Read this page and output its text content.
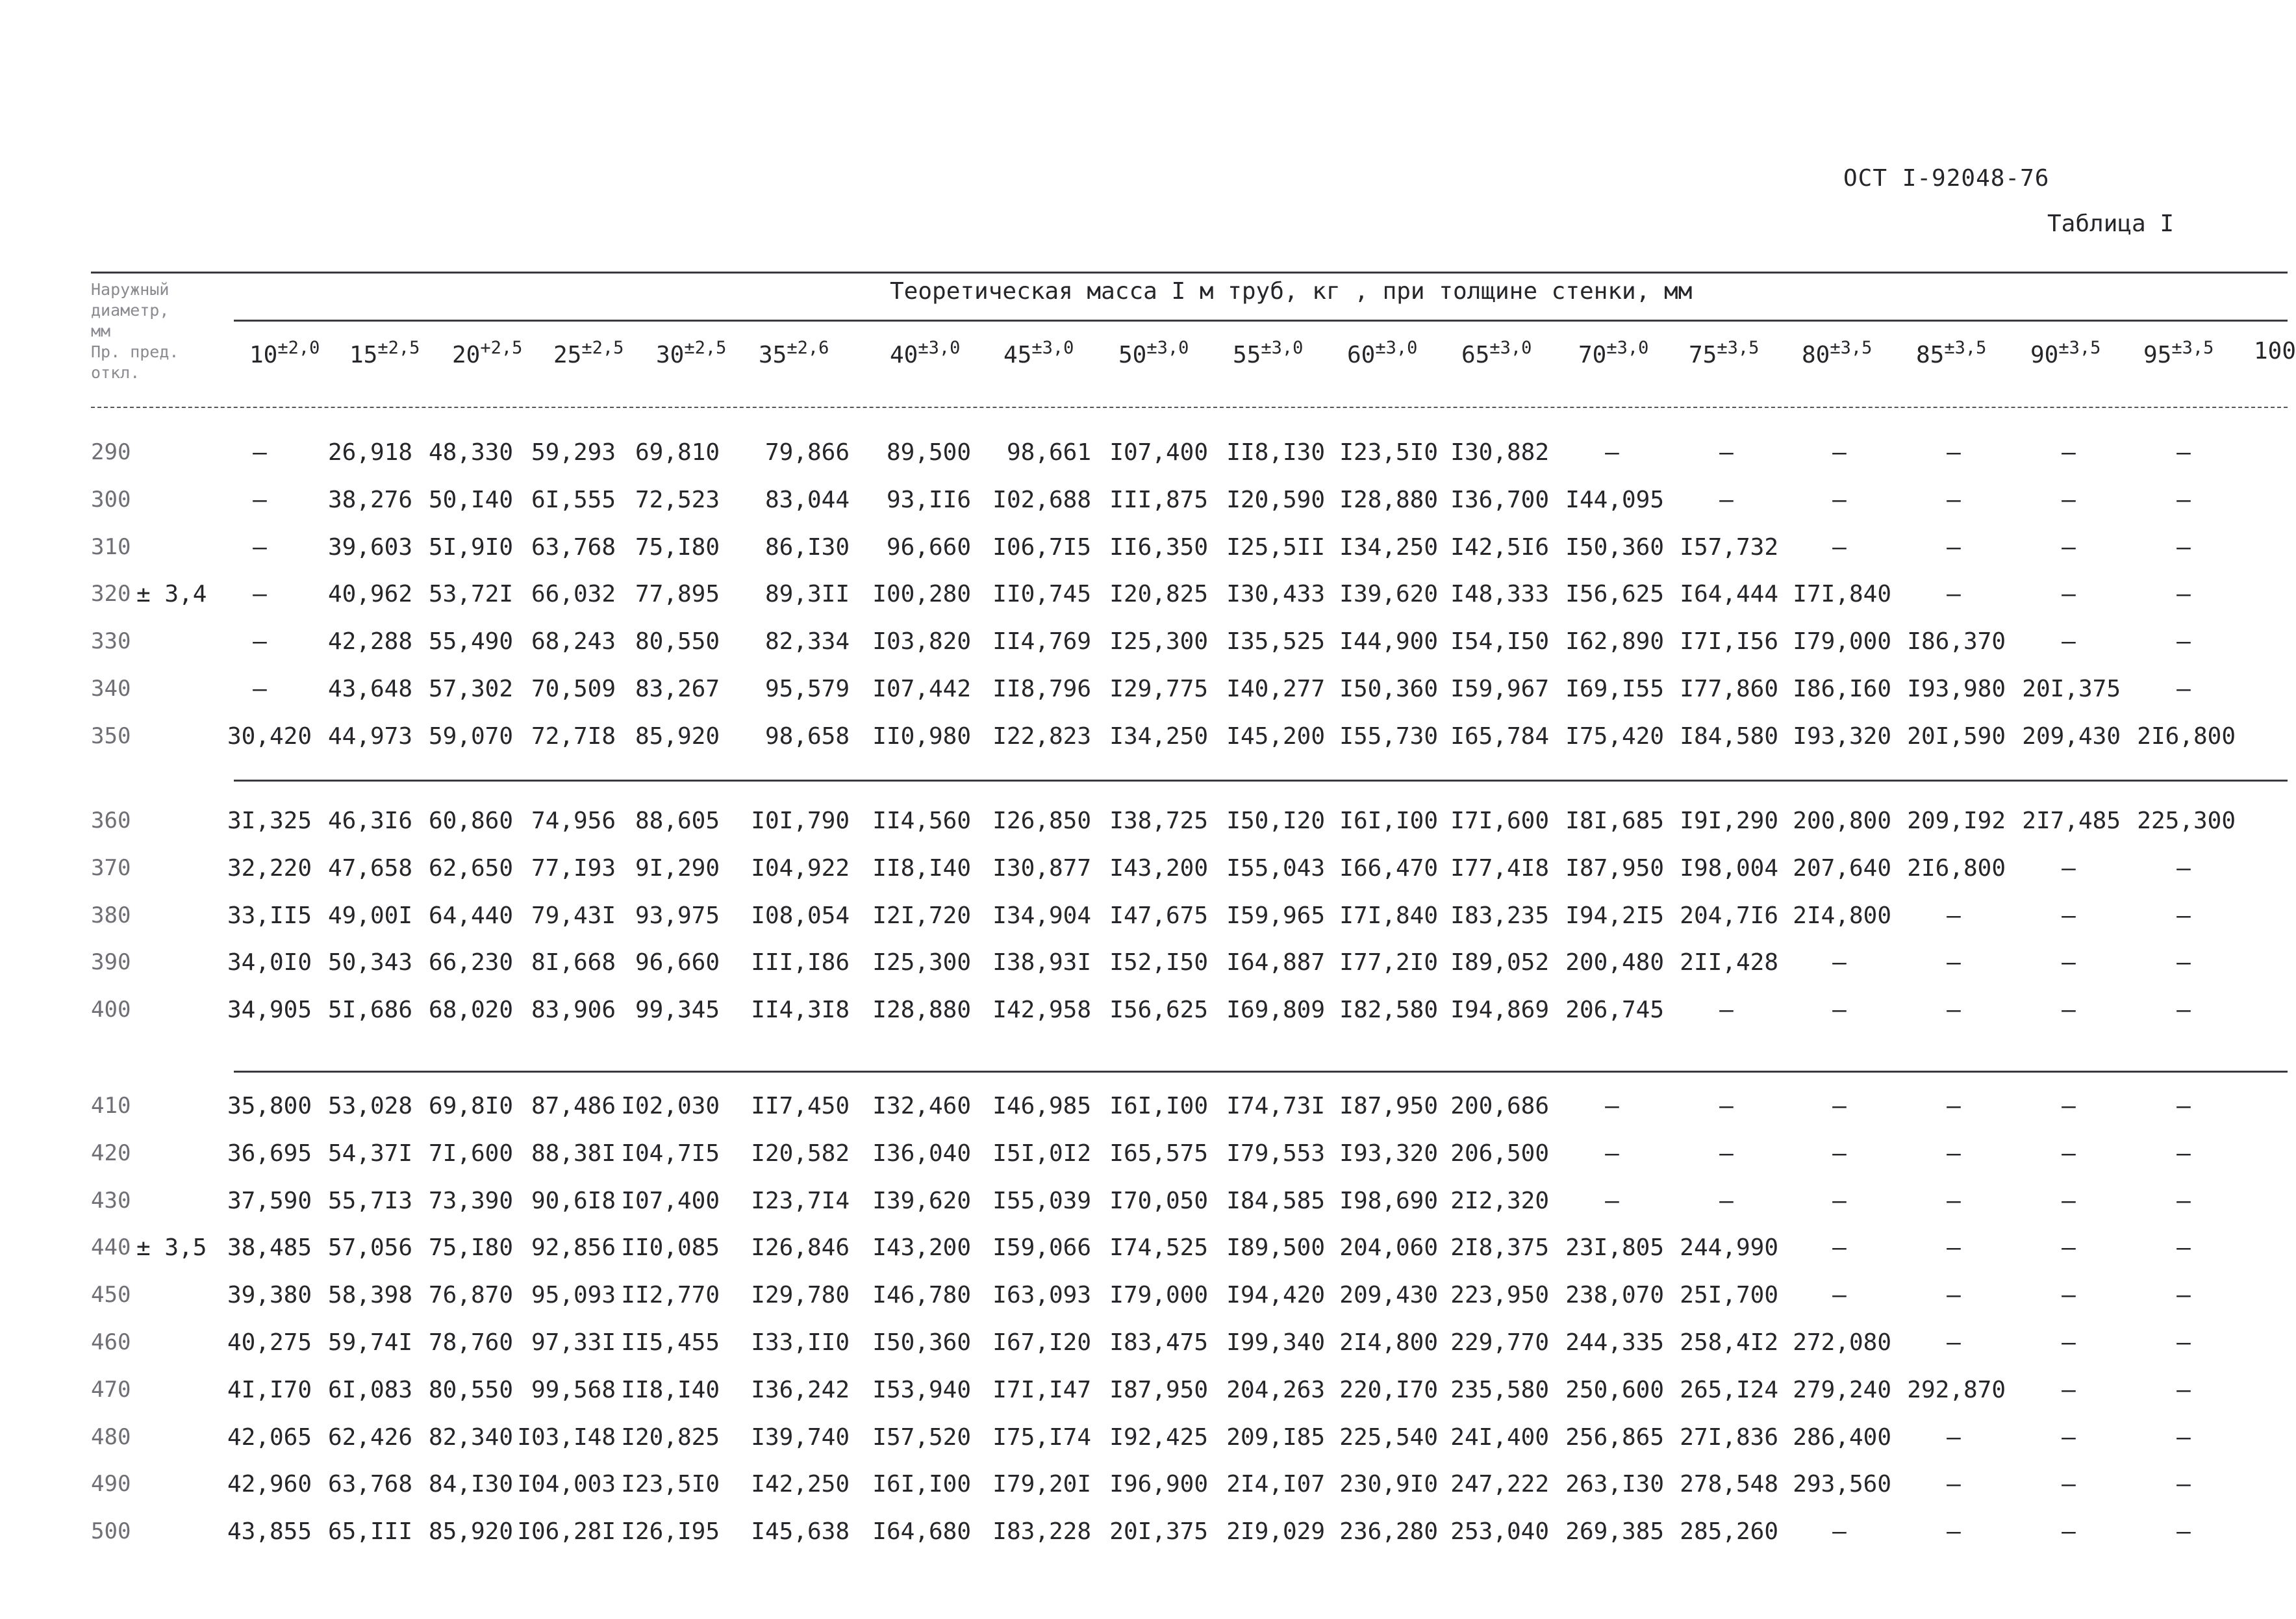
ОСТ I-92048-76
Таблица I
Наружный
диаметр,
мм
Пр. пред.
откл.
Теоретическая масса I м труб, кг , при толщине стенки, мм
$10^{\pm 2,0}$ $15^{\pm 2,5}$ $20^{+2,5}$ $25^{\pm 2,5}$ $30^{\pm 2,5}$ $35^{\pm 2,6}$	$40^{\pm 3,0}$ $45^{\pm 3,0}$ $50^{\pm 3,0}$ $55^{\pm 3,0}$ $60^{\pm 3,0}$ $65^{\pm 3,0}$ $70^{\pm 3,0}$ $75^{\pm 3,5}$ $80^{\pm 3,5}$ $85^{\pm 3,5}$ $90^{\pm 3,5}$ $95^{\pm 3,5}$ 100
290	–	26,918 48,330 59,293 69,810	79,866	89,500	98,661 I07,400 II8,I30 I23,5I0 I30,882	–	–	–	–	–	–
300	–	38,276 50,I40 6I,555 72,523	83,044	93,II6 I02,688 III,875 I20,590 I28,880 I36,700 I44,095	–	–	–	–	–
310	–	39,603 5I,9I0 63,768 75,I80	86,I30	96,660 I06,7I5 II6,350 I25,5II I34,250 I42,5I6 I50,360 I57,732	–	–	–	–
320 ± 3,4	–	40,962 53,72I 66,032 77,895	89,3II I00,280 II0,745 I20,825 I30,433 I39,620 I48,333 I56,625 I64,444 I7I,840	–	–	–
330	–	42,288 55,490 68,243 80,550	82,334 I03,820 II4,769 I25,300 I35,525 I44,900 I54,I50 I62,890 I7I,I56 I79,000 I86,370	–	–
340	–	43,648 57,302 70,509 83,267	95,579 I07,442 II8,796 I29,775 I40,277 I50,360 I59,967 I69,I55 I77,860 I86,I60 I93,980 20I,375	–
350	30,420 44,973 59,070 72,7I8 85,920	98,658 II0,980 I22,823 I34,250 I45,200 I55,730 I65,784 I75,420 I84,580 I93,320 20I,590 209,430 2I6,800
360	3I,325 46,3I6 60,860 74,956 88,605 I0I,790 II4,560 I26,850 I38,725 I50,I20 I6I,I00 I7I,600 I8I,685 I9I,290 200,800 209,I92 2I7,485 225,300
370	32,220 47,658 62,650 77,I93 9I,290 I04,922 II8,I40 I30,877 I43,200 I55,043 I66,470 I77,4I8 I87,950 I98,004 207,640 2I6,800	–	–
380	33,II5 49,00I 64,440 79,43I 93,975 I08,054 I2I,720 I34,904 I47,675 I59,965 I7I,840 I83,235 I94,2I5 204,7I6 2I4,800	–	–	–
390	34,0I0 50,343 66,230 8I,668 96,660 III,I86 I25,300 I38,93I I52,I50 I64,887 I77,2I0 I89,052 200,480 2II,428	–	–	–	–
400	34,905 5I,686 68,020 83,906 99,345 II4,3I8 I28,880 I42,958 I56,625 I69,809 I82,580 I94,869 206,745	–	–	–	–	–
410	35,800 53,028 69,8I0 87,486 I02,030 II7,450 I32,460 I46,985 I6I,I00 I74,73I I87,950 200,686	–	–	–	–	–	–
420	36,695 54,37I 7I,600 88,38I I04,7I5 I20,582 I36,040 I5I,0I2 I65,575 I79,553 I93,320 206,500	–	–	–	–	–	–
430	37,590 55,7I3 73,390 90,6I8 I07,400 I23,7I4 I39,620 I55,039 I70,050 I84,585 I98,690 2I2,320	–	–	–	–	–	–
440 ± 3,5 38,485 57,056 75,I80 92,856 II0,085 I26,846 I43,200 I59,066 I74,525 I89,500 204,060 2I8,375 23I,805 244,990	–	–	–	–
450	39,380 58,398 76,870 95,093 II2,770 I29,780 I46,780 I63,093 I79,000 I94,420 209,430 223,950 238,070 25I,700	–	–	–	–
460	40,275 59,74I 78,760 97,33I II5,455 I33,II0 I50,360 I67,I20 I83,475 I99,340 2I4,800 229,770 244,335 258,4I2 272,080	–	–	–
470	4I,I70 6I,083 80,550 99,568 II8,I40 I36,242 I53,940 I7I,I47 I87,950 204,263 220,I70 235,580 250,600 265,I24 279,240 292,870	–	–
480	42,065 62,426 82,340 I03,I48 I20,825 I39,740 I57,520 I75,I74 I92,425 209,I85 225,540 24I,400 256,865 27I,836 286,400	–	–	–
490	42,960 63,768 84,I30 I04,003 I23,5I0 I42,250 I6I,I00 I79,20I I96,900 2I4,I07 230,9I0 247,222 263,I30 278,548 293,560	–	–	–
500	43,855 65,III 85,920 I06,28I I26,I95 I45,638 I64,680 I83,228 20I,375 2I9,029 236,280 253,040 269,385 285,260	–	–	–	–
